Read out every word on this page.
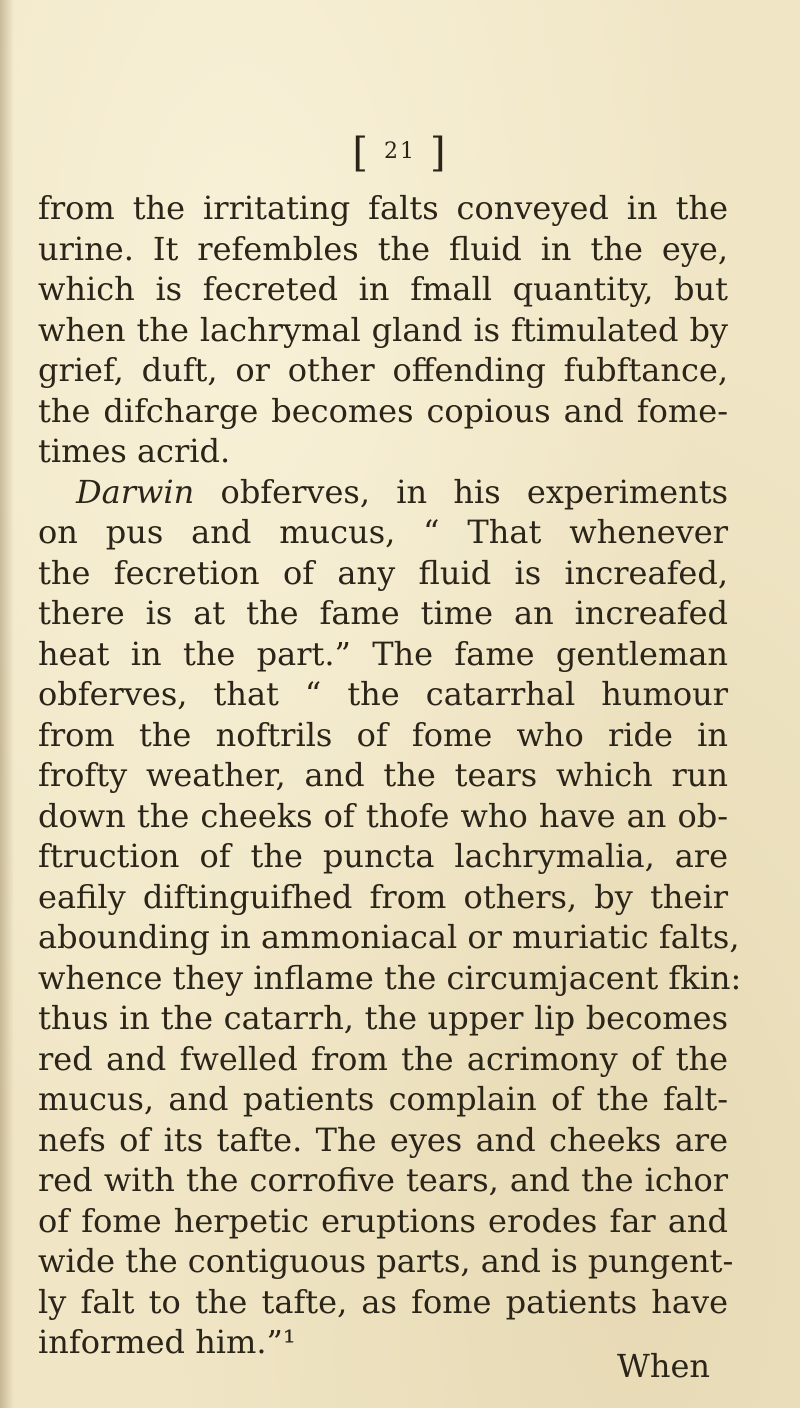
[ $^{21}$ ]
from the irritating falts conveyed in the
urine. It refembles the fluid in the eye,
which is fecreted in fmall quantity, but
when the lachrymal gland is ftimulated by
grief, duft, or other offending fubftance,
the difcharge becomes copious and fome-
times acrid.
Darwin obferves, in his experiments
on pus and mucus, “ That whenever
the fecretion of any fluid is increafed,
there is at the fame time an increafed
heat in the part.” The fame gentleman
obferves, that “ the catarrhal humour
from the noftrils of fome who ride in
frofty weather, and the tears which run
down the cheeks of thofe who have an ob-
ftruction of the puncta lachrymalia, are
eafily diftinguifhed from others, by their
abounding in ammoniacal or muriatic falts,
whence they inflame the circumjacent fkin:
thus in the catarrh, the upper lip becomes
red and fwelled from the acrimony of the
mucus, and patients complain of the falt-
nefs of its tafte. The eyes and cheeks are
red with the corrofive tears, and the ichor
of fome herpetic eruptions erodes far and
wide the contiguous parts, and is pungent-
ly falt to the tafte, as fome patients have
informed him.”¹
When
